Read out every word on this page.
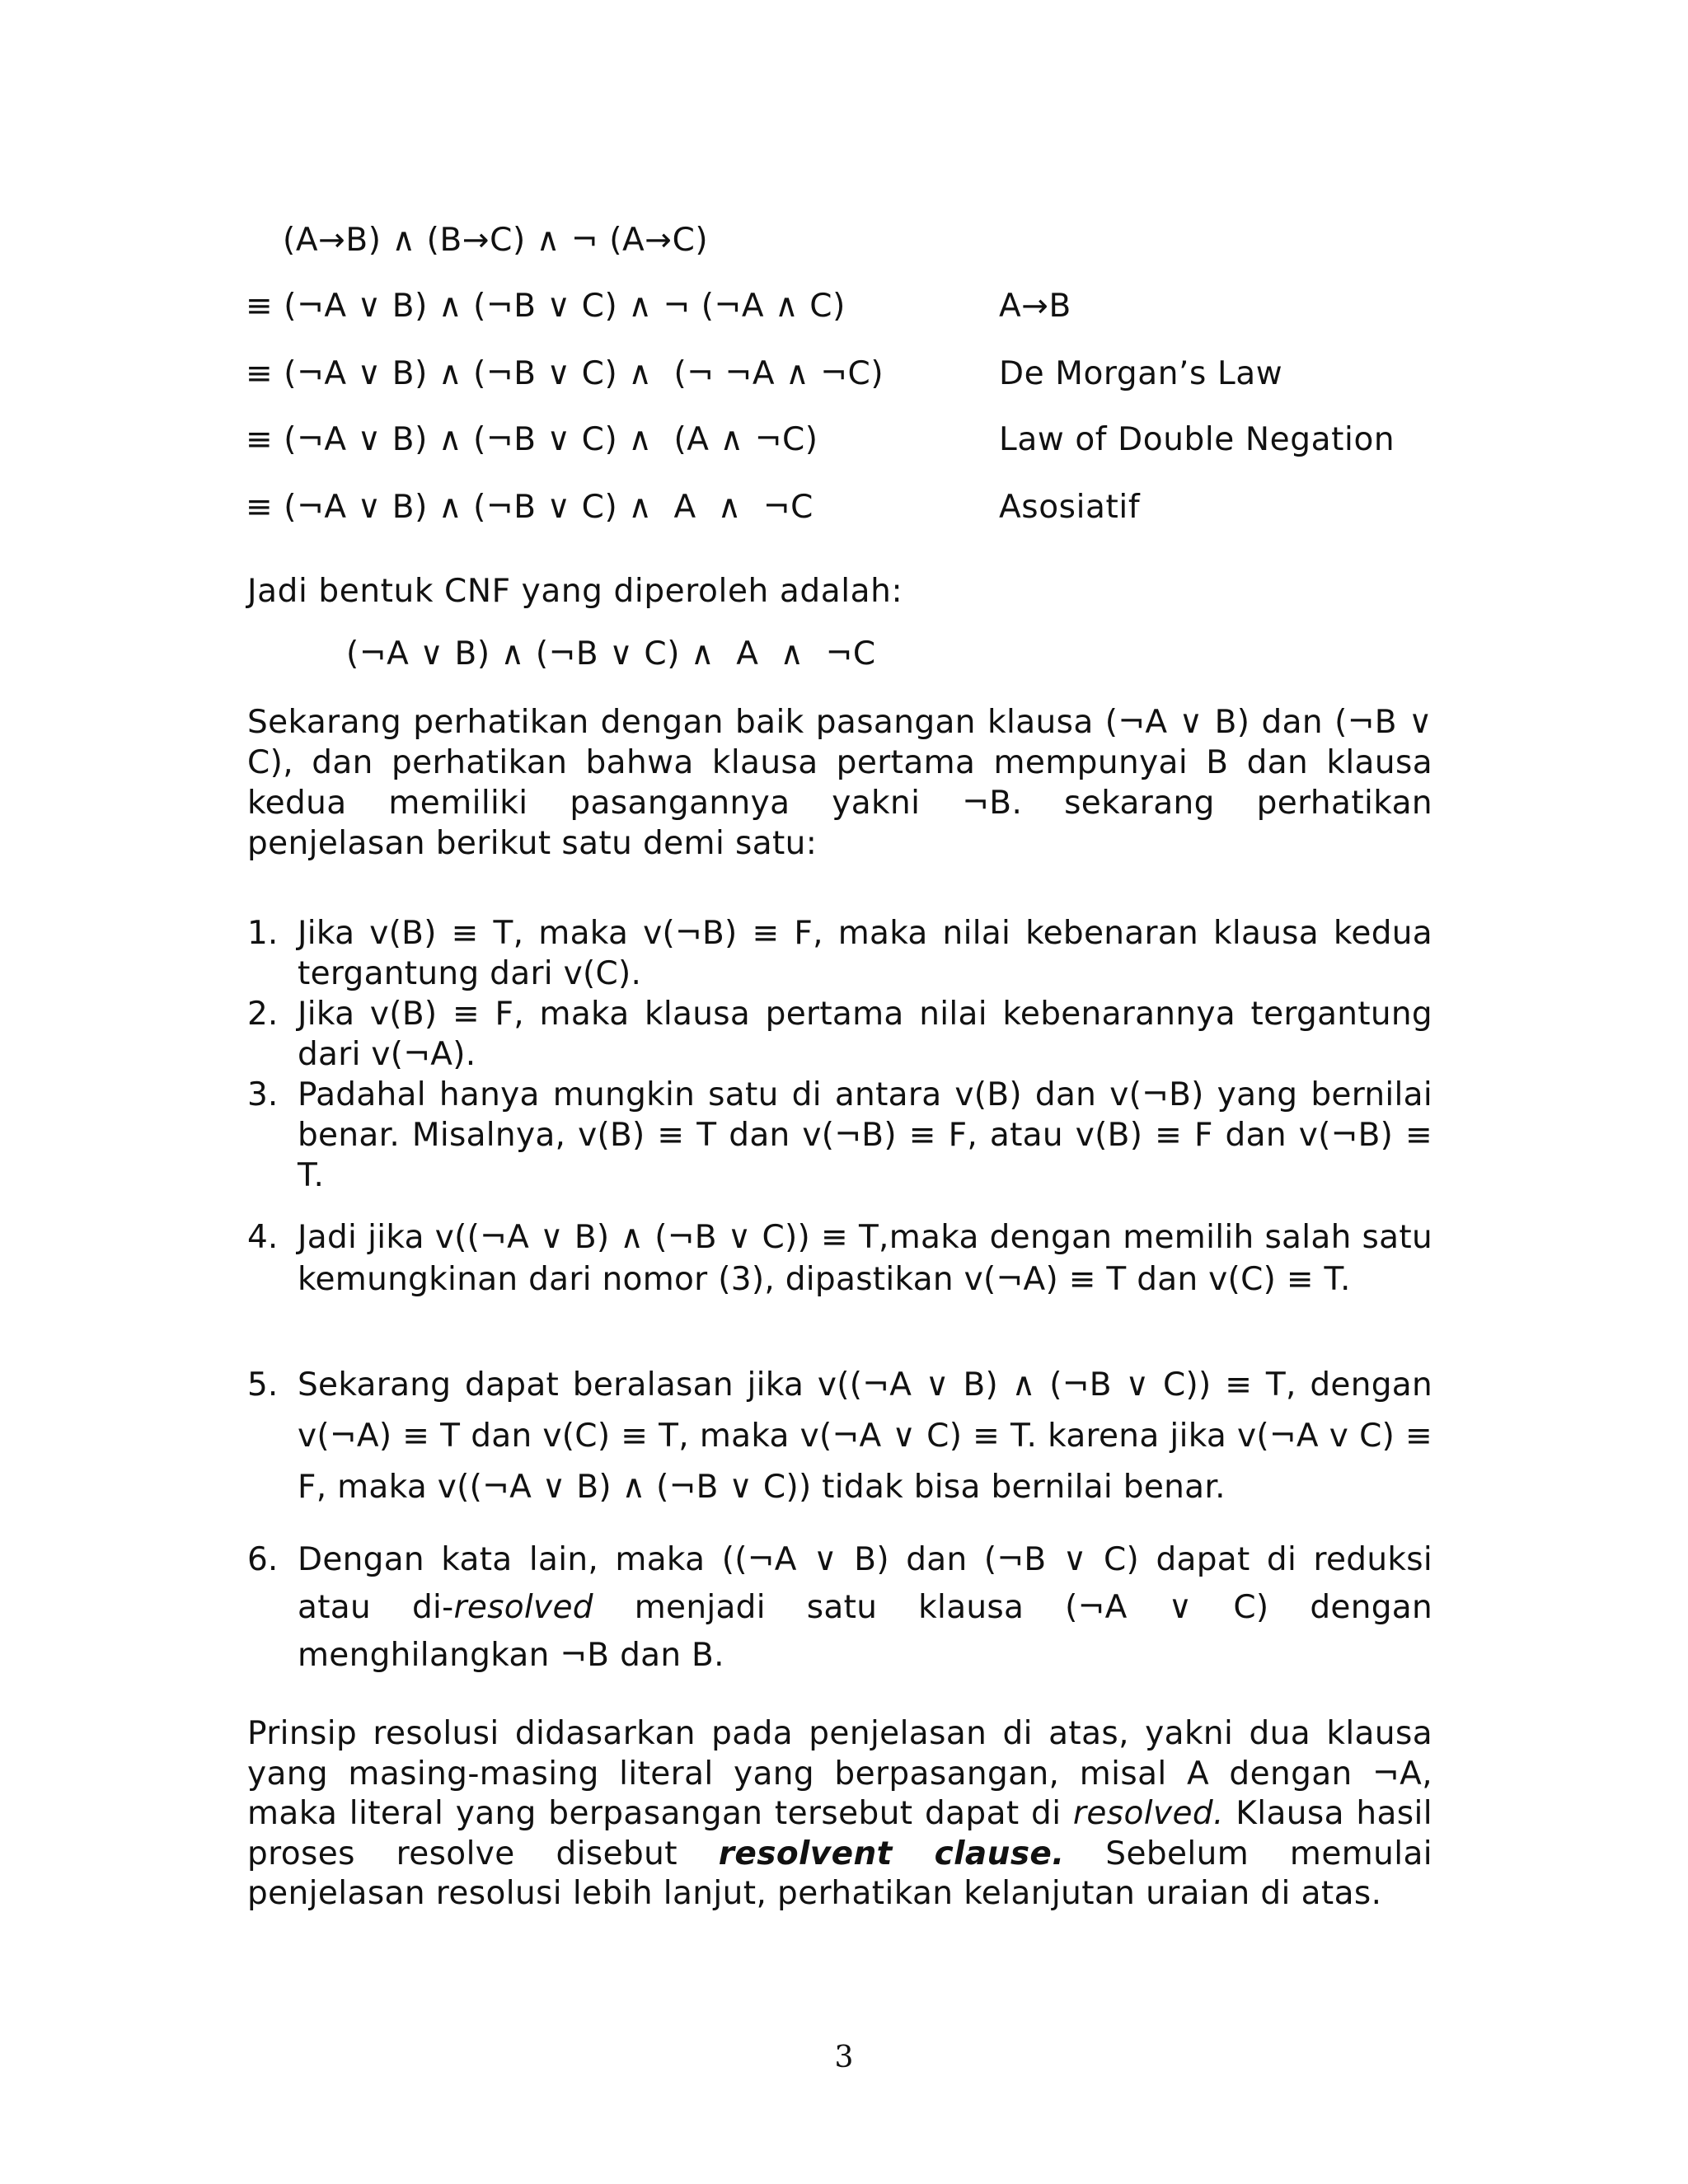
(A→B) ∧ (B→C) ∧ ¬ (A→C)
≡ (¬A ∨ B) ∧ (¬B ∨ C) ∧ ¬ (¬A ∧ C)	A→B
≡ (¬A ∨ B) ∧ (¬B ∨ C) ∧  (¬ ¬A ∧ ¬C)	De Morgan’s Law
≡ (¬A ∨ B) ∧ (¬B ∨ C) ∧  (A ∧ ¬C)	Law of Double Negation
≡ (¬A ∨ B) ∧ (¬B ∨ C) ∧  A  ∧  ¬C	Asosiatif
Jadi bentuk CNF yang diperoleh adalah:
(¬A ∨ B) ∧ (¬B ∨ C) ∧  A  ∧  ¬C
Sekarang perhatikan dengan baik pasangan klausa (¬A ∨ B) dan (¬B ∨ C), dan perhatikan bahwa klausa pertama mempunyai B dan klausa kedua memiliki pasangannya yakni ¬B. sekarang perhatikan penjelasan berikut satu demi satu:
1. Jika v(B) ≡ T, maka v(¬B) ≡ F, maka nilai kebenaran klausa kedua tergantung dari v(C).
2. Jika v(B) ≡ F, maka klausa pertama nilai kebenarannya tergantung dari v(¬A).
3. Padahal hanya mungkin satu di antara v(B) dan v(¬B) yang bernilai benar. Misalnya, v(B) ≡ T dan v(¬B) ≡ F, atau v(B) ≡ F dan v(¬B) ≡ T.
4. Jadi jika v((¬A ∨ B) ∧ (¬B ∨ C)) ≡ T,maka dengan memilih salah satu kemungkinan dari nomor (3), dipastikan v(¬A) ≡ T dan v(C) ≡ T.
5. Sekarang dapat beralasan jika v((¬A ∨ B) ∧ (¬B ∨ C)) ≡ T, dengan v(¬A) ≡ T dan v(C) ≡ T, maka v(¬A ∨ C) ≡ T. karena jika v(¬A v C) ≡ F, maka v((¬A ∨ B) ∧ (¬B ∨ C)) tidak bisa bernilai benar.
6. Dengan kata lain, maka ((¬A ∨ B) dan (¬B ∨ C) dapat di reduksi atau di-resolved menjadi satu klausa (¬A ∨ C) dengan menghilangkan ¬B dan B.
Prinsip resolusi didasarkan pada penjelasan di atas, yakni dua klausa yang masing-masing literal yang berpasangan, misal A dengan ¬A, maka literal yang berpasangan tersebut dapat di resolved. Klausa hasil proses resolve disebut resolvent clause. Sebelum memulai penjelasan resolusi lebih lanjut, perhatikan kelanjutan uraian di atas.
3
